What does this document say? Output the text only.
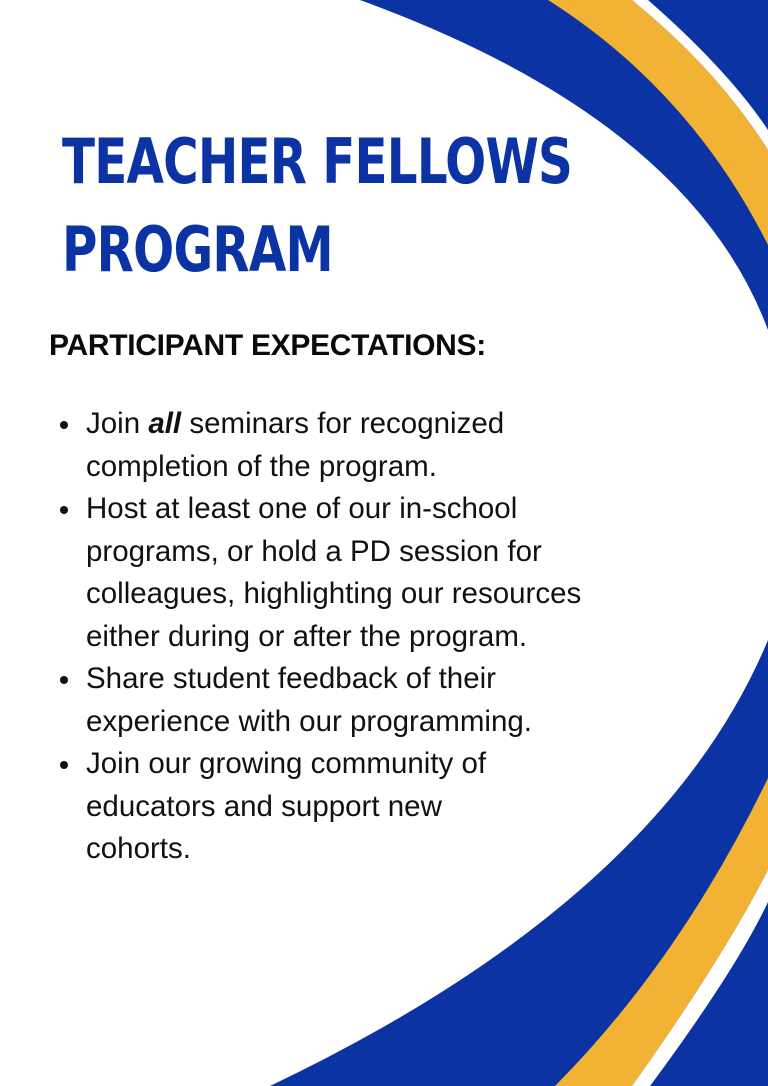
TEACHER FELLOWS
PROGRAM
PARTICIPANT EXPECTATIONS:
Join all seminars for recognized
completion of the program.
Host at least one of our in-school
programs, or hold a PD session for
colleagues, highlighting our resources
either during or after the program.
Share student feedback of their
experience with our programming.
Join our growing community of
educators and support new
cohorts.
